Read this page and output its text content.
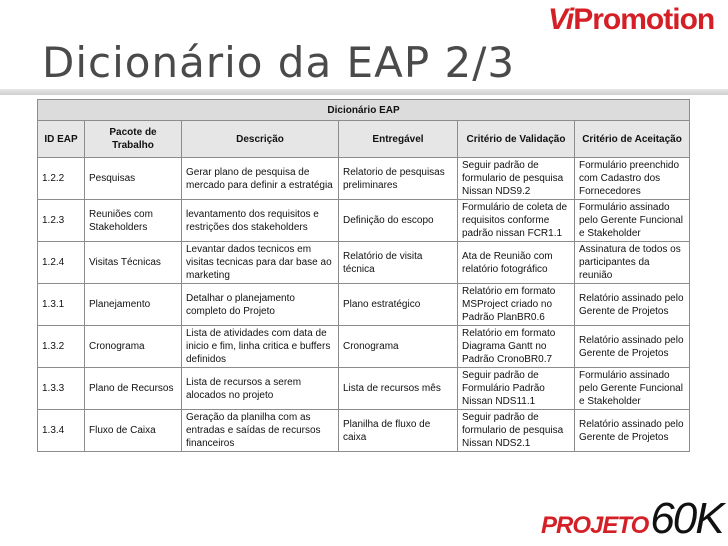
ViPromotion
Dicionário da EAP 2/3
Dicionário EAP					
ID EAP	Pacote de Trabalho	Descrição	Entregável	Critério de Validação	Critério de Aceitação
1.2.2	Pesquisas	Gerar plano de pesquisa de mercado para definir a estratégia	Relatorio de pesquisas preliminares	Seguir padrão de formulario de pesquisa Nissan NDS9.2	Formulário preenchido com Cadastro dos Fornecedores
1.2.3	Reuniões com Stakeholders	levantamento dos requisitos e restrições dos stakeholders	Definição do escopo	Formulário de coleta de requisitos conforme padrão nissan FCR1.1	Formulário assinado pelo Gerente Funcional e Stakeholder
1.2.4	Visitas Técnicas	Levantar dados tecnicos em visitas tecnicas para dar base ao marketing	Relatório de visita técnica	Ata de Reunião com relatório fotográfico	Assinatura de todos os participantes da reunião
1.3.1	Planejamento	Detalhar o planejamento completo do Projeto	Plano estratégico	Relatório em formato MSProject criado no Padrão PlanBR0.6	Relatório assinado pelo Gerente de Projetos
1.3.2	Cronograma	Lista de atividades com data de inicio e fim, linha critica e buffers definidos	Cronograma	Relatório em formato Diagrama Gantt no Padrão CronoBR0.7	Relatório assinado pelo Gerente de Projetos
1.3.3	Plano de Recursos	Lista de recursos a serem alocados no projeto	Lista de recursos mês	Seguir padrão de Formulário Padrão Nissan NDS11.1	Formulário assinado pelo Gerente Funcional e Stakeholder
1.3.4	Fluxo de Caixa	Geração da planilha com as entradas e saídas de recursos financeiros	Planilha de fluxo de caixa	Seguir padrão de formulario de pesquisa Nissan NDS2.1	Relatório assinado pelo Gerente de Projetos
PROJETO60K
